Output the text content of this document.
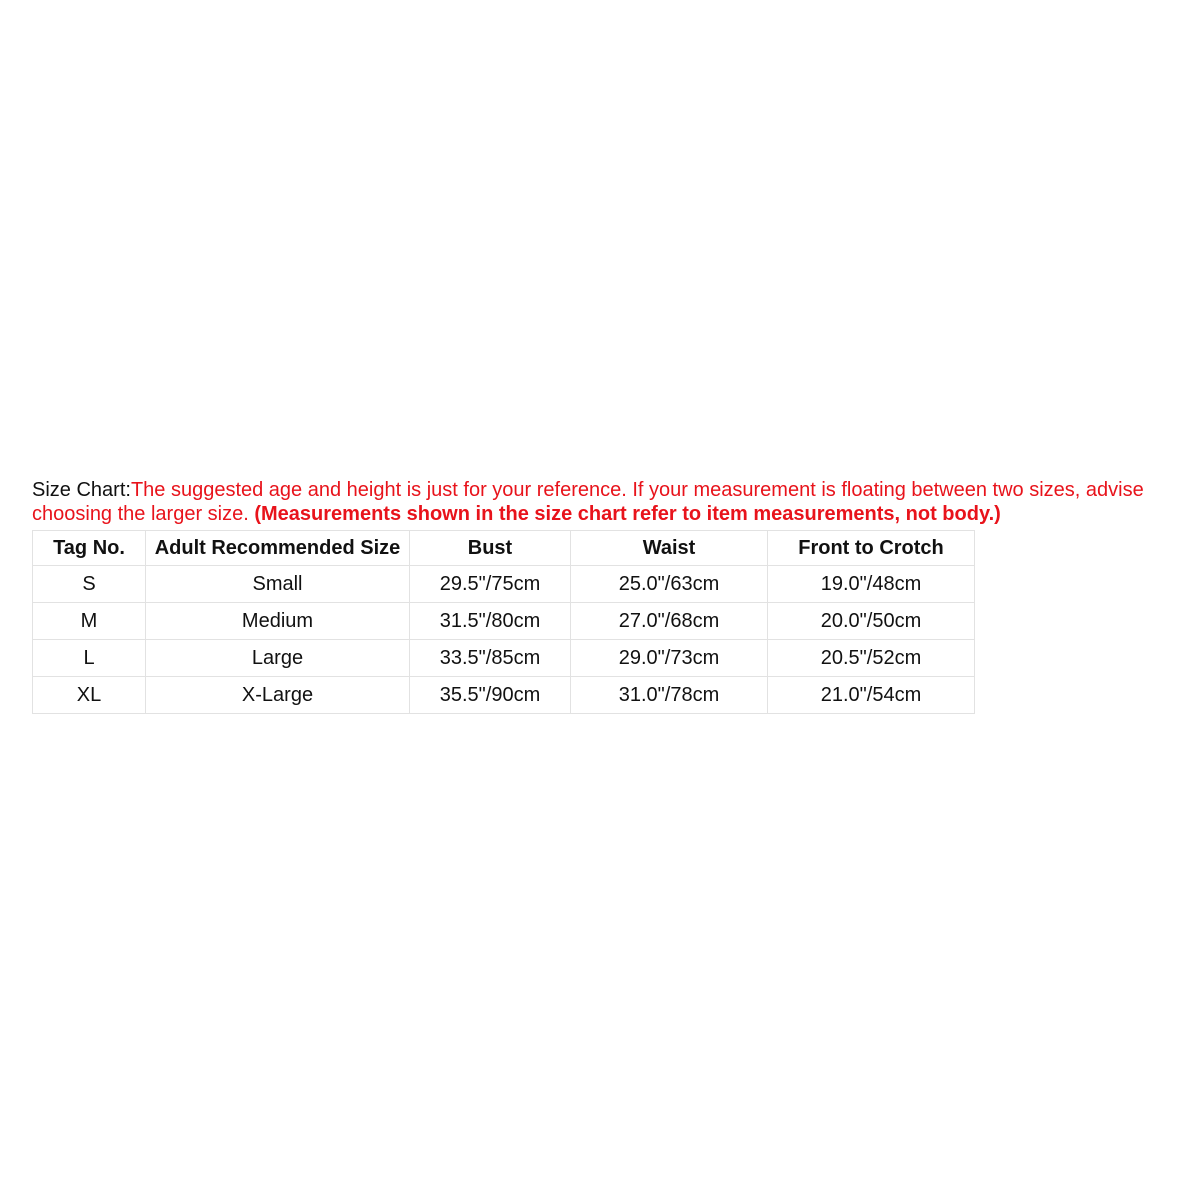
Size Chart:The suggested age and height is just for your reference. If your measurement is floating between two sizes, advise choosing the larger size. (Measurements shown in the size chart refer to item measurements, not body.)

Tag No.	Adult Recommended Size	Bust	Waist	Front to Crotch
S	Small	29.5"/75cm	25.0"/63cm	19.0"/48cm
M	Medium	31.5"/80cm	27.0"/68cm	20.0"/50cm
L	Large	33.5"/85cm	29.0"/73cm	20.5"/52cm
XL	X-Large	35.5"/90cm	31.0"/78cm	21.0"/54cm
